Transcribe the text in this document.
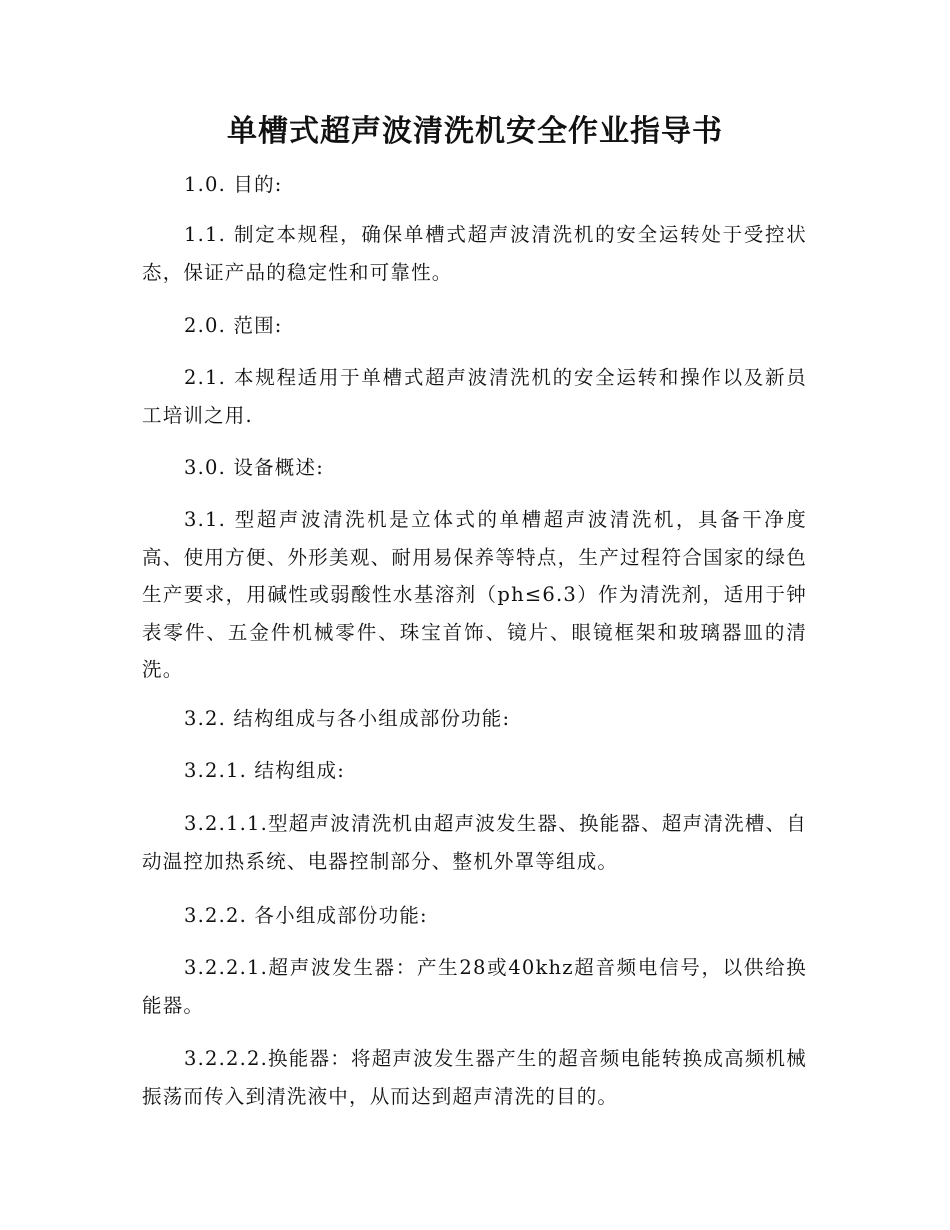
单槽式超声波清洗机安全作业指导书

1.0. 目的:

1.1. 制定本规程，确保单槽式超声波清洗机的安全运转处于受控状态，保证产品的稳定性和可靠性。

2.0. 范围:

2.1. 本规程适用于单槽式超声波清洗机的安全运转和操作以及新员工培训之用.

3.0. 设备概述:

3.1. 型超声波清洗机是立体式的单槽超声波清洗机，具备干净度高、使用方便、外形美观、耐用易保养等特点，生产过程符合国家的绿色生产要求，用碱性或弱酸性水基溶剂（ph≤6.3）作为清洗剂，适用于钟表零件、五金件机械零件、珠宝首饰、镜片、眼镜框架和玻璃器皿的清洗。

3.2. 结构组成与各小组成部份功能:

3.2.1. 结构组成:

3.2.1.1.型超声波清洗机由超声波发生器、换能器、超声清洗槽、自动温控加热系统、电器控制部分、整机外罩等组成。

3.2.2. 各小组成部份功能:

3.2.2.1.超声波发生器：产生28或40khz超音频电信号，以供给换能器。

3.2.2.2.换能器：将超声波发生器产生的超音频电能转换成高频机械振荡而传入到清洗液中，从而达到超声清洗的目的。
